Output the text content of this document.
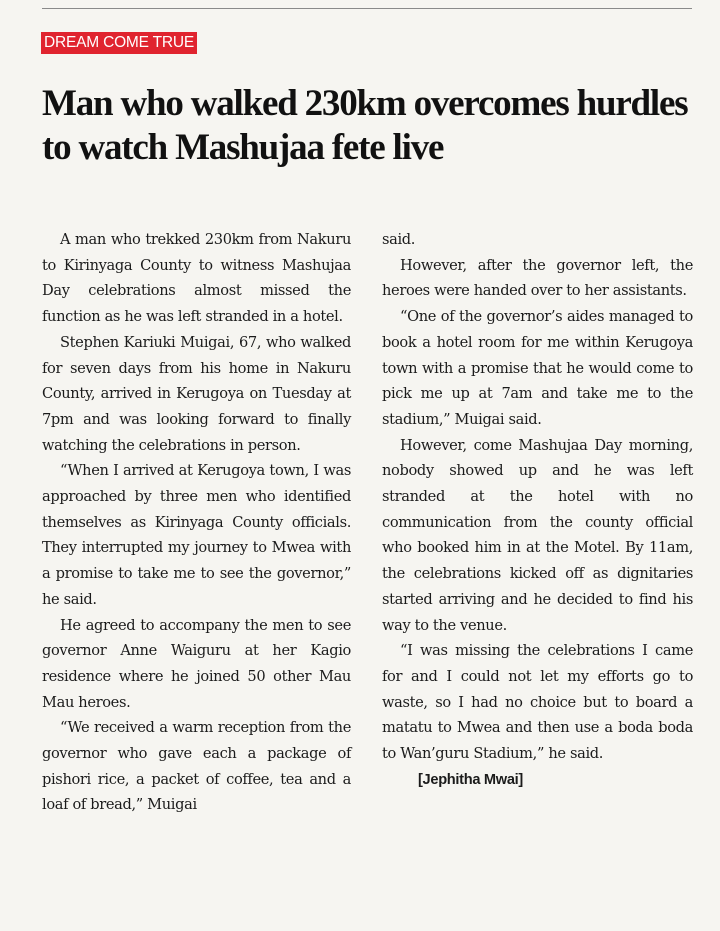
DREAM COME TRUE
Man who walked 230km overcomes hurdles to watch Mashujaa fete live

A man who trekked 230km from Nakuru to Kirinyaga County to witness Mashujaa Day celebrations almost missed the function as he was left stranded in a hotel.

Stephen Kariuki Muigai, 67, who walked for seven days from his home in Nakuru County, arrived in Kerugoya on Tuesday at 7pm and was looking forward to finally watching the celebrations in person.

“When I arrived at Kerugoya town, I was approached by three men who identified themselves as Kirinyaga County officials. They interrupted my journey to Mwea with a promise to take me to see the governor,” he said.

He agreed to accompany the men to see governor Anne Waiguru at her Kagio residence where he joined 50 other Mau Mau heroes.

“We received a warm reception from the governor who gave each a package of pishori rice, a packet of coffee, tea and a loaf of bread,” Muigai

said.

However, after the governor left, the heroes were handed over to her assistants.

“One of the governor’s aides managed to book a hotel room for me within Kerugoya town with a promise that he would come to pick me up at 7am and take me to the stadium,” Muigai said.

However, come Mashujaa Day morning, nobody showed up and he was left stranded at the hotel with no communication from the county official who booked him in at the Motel. By 11am, the celebrations kicked off as dignitaries started arriving and he decided to find his way to the venue.

“I was missing the celebrations I came for and I could not let my efforts go to waste, so I had no choice but to board a matatu to Mwea and then use a boda boda to Wan’guru Stadium,” he said.

[Jephitha Mwai]
